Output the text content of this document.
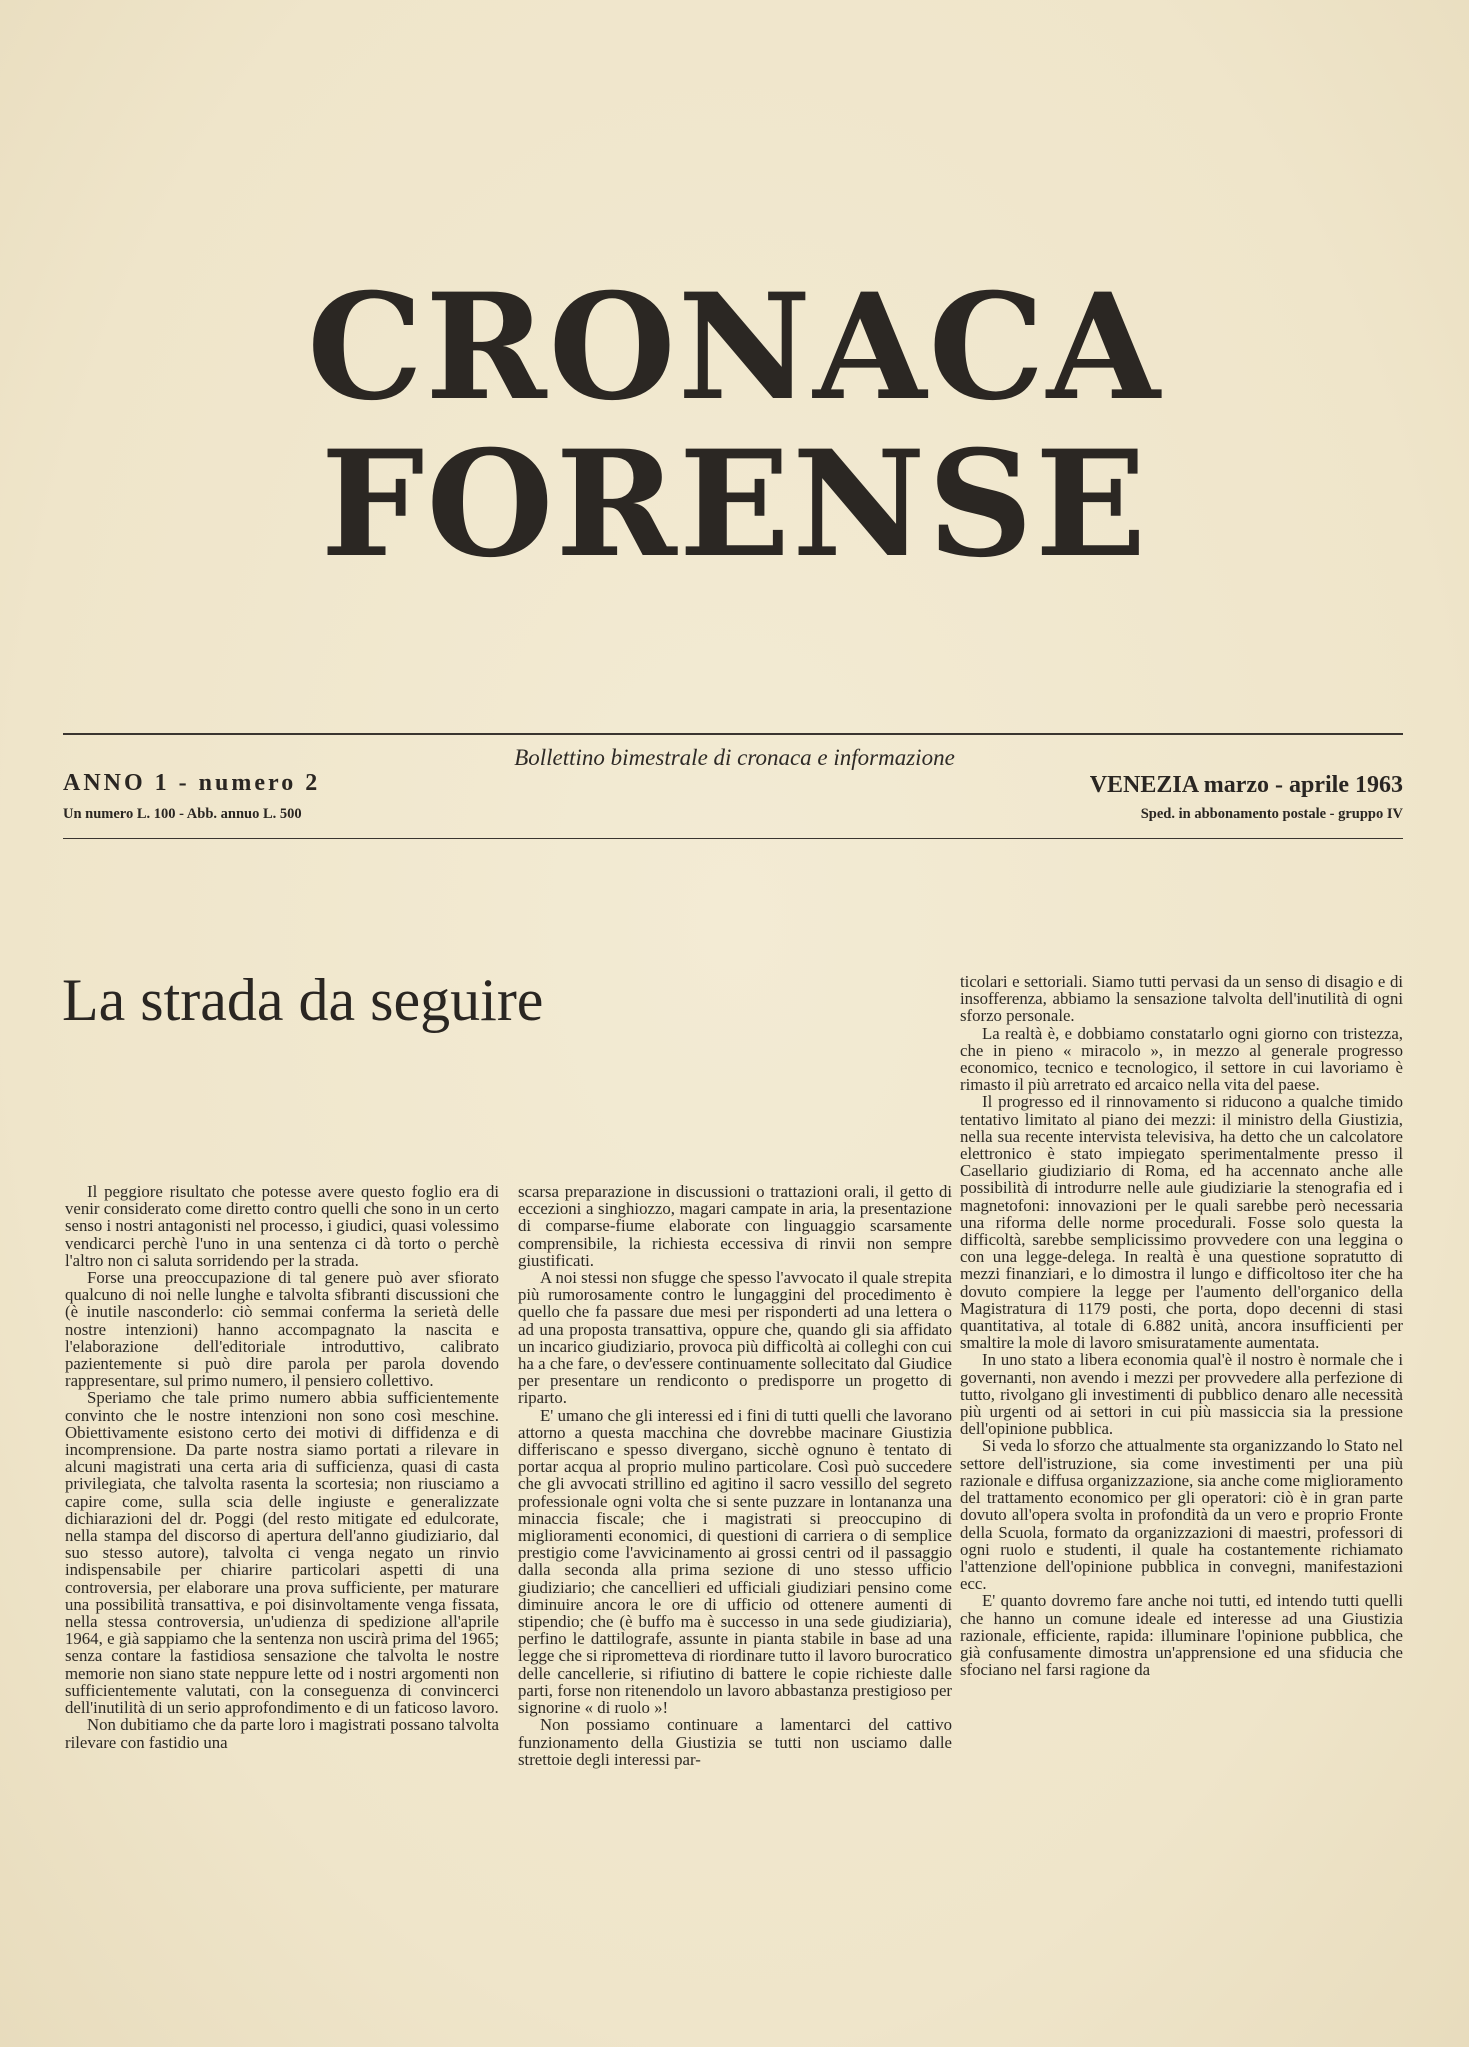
CRONACA
FORENSE
Bollettino bimestrale di cronaca e informazione
ANNO 1 - numero 2
Un numero L. 100 - Abb. annuo L. 500
VENEZIA marzo - aprile 1963
Sped. in abbonamento postale - gruppo IV
La strada da seguire

Il peggiore risultato che potesse avere questo foglio era di venir considerato come diretto contro quelli che sono in un certo senso i nostri antagonisti nel processo, i giudici, quasi volessimo vendicarci perchè l'uno in una sentenza ci dà torto o perchè l'altro non ci saluta sorridendo per la strada.

Forse una preoccupazione di tal genere può aver sfiorato qualcuno di noi nelle lunghe e talvolta sfibranti discussioni che (è inutile nasconderlo: ciò semmai conferma la serietà delle nostre intenzioni) hanno accompagnato la nascita e l'elaborazione dell'editoriale introduttivo, calibrato pazientemente si può dire parola per parola dovendo rappresentare, sul primo numero, il pensiero collettivo.

Speriamo che tale primo numero abbia sufficientemente convinto che le nostre intenzioni non sono così meschine. Obiettivamente esistono certo dei motivi di diffidenza e di incomprensione. Da parte nostra siamo portati a rilevare in alcuni magistrati una certa aria di sufficienza, quasi di casta privilegiata, che talvolta rasenta la scortesia; non riusciamo a capire come, sulla scia delle ingiuste e generalizzate dichiarazioni del dr. Poggi (del resto mitigate ed edulcorate, nella stampa del discorso di apertura dell'anno giudiziario, dal suo stesso autore), talvolta ci venga negato un rinvio indispensabile per chiarire particolari aspetti di una controversia, per elaborare una prova sufficiente, per maturare una possibilità transattiva, e poi disinvoltamente venga fissata, nella stessa controversia, un'udienza di spedizione all'aprile 1964, e già sappiamo che la sentenza non uscirà prima del 1965; senza contare la fastidiosa sensazione che talvolta le nostre memorie non siano state neppure lette od i nostri argomenti non sufficientemente valutati, con la conseguenza di convincerci dell'inutilità di un serio approfondimento e di un faticoso lavoro.

Non dubitiamo che da parte loro i magistrati possano talvolta rilevare con fastidio una

scarsa preparazione in discussioni o trattazioni orali, il getto di eccezioni a singhiozzo, magari campate in aria, la presentazione di comparse-fiume elaborate con linguaggio scarsamente comprensibile, la richiesta eccessiva di rinvii non sempre giustificati.

A noi stessi non sfugge che spesso l'avvocato il quale strepita più rumorosamente contro le lungaggini del procedimento è quello che fa passare due mesi per risponderti ad una lettera o ad una proposta transattiva, oppure che, quando gli sia affidato un incarico giudiziario, provoca più difficoltà ai colleghi con cui ha a che fare, o dev'essere continuamente sollecitato dal Giudice per presentare un rendiconto o predisporre un progetto di riparto.

E' umano che gli interessi ed i fini di tutti quelli che lavorano attorno a questa macchina che dovrebbe macinare Giustizia differiscano e spesso divergano, sicchè ognuno è tentato di portar acqua al proprio mulino particolare. Così può succedere che gli avvocati strillino ed agitino il sacro vessillo del segreto professionale ogni volta che si sente puzzare in lontananza una minaccia fiscale; che i magistrati si preoccupino di miglioramenti economici, di questioni di carriera o di semplice prestigio come l'avvicinamento ai grossi centri od il passaggio dalla seconda alla prima sezione di uno stesso ufficio giudiziario; che cancellieri ed ufficiali giudiziari pensino come diminuire ancora le ore di ufficio od ottenere aumenti di stipendio; che (è buffo ma è successo in una sede giudiziaria), perfino le dattilografe, assunte in pianta stabile in base ad una legge che si riprometteva di riordinare tutto il lavoro burocratico delle cancellerie, si rifiutino di battere le copie richieste dalle parti, forse non ritenendolo un lavoro abbastanza prestigioso per signorine « di ruolo »!

Non possiamo continuare a lamentarci del cattivo funzionamento della Giustizia se tutti non usciamo dalle strettoie degli interessi par-

ticolari e settoriali. Siamo tutti pervasi da un senso di disagio e di insofferenza, abbiamo la sensazione talvolta dell'inutilità di ogni sforzo personale.

La realtà è, e dobbiamo constatarlo ogni giorno con tristezza, che in pieno « miracolo », in mezzo al generale progresso economico, tecnico e tecnologico, il settore in cui lavoriamo è rimasto il più arretrato ed arcaico nella vita del paese.

Il progresso ed il rinnovamento si riducono a qualche timido tentativo limitato al piano dei mezzi: il ministro della Giustizia, nella sua recente intervista televisiva, ha detto che un calcolatore elettronico è stato impiegato sperimentalmente presso il Casellario giudiziario di Roma, ed ha accennato anche alle possibilità di introdurre nelle aule giudiziarie la stenografia ed i magnetofoni: innovazioni per le quali sarebbe però necessaria una riforma delle norme procedurali. Fosse solo questa la difficoltà, sarebbe semplicissimo provvedere con una leggina o con una legge-delega. In realtà è una questione sopratutto di mezzi finanziari, e lo dimostra il lungo e difficoltoso iter che ha dovuto compiere la legge per l'aumento dell'organico della Magistratura di 1179 posti, che porta, dopo decenni di stasi quantitativa, al totale di 6.882 unità, ancora insufficienti per smaltire la mole di lavoro smisuratamente aumentata.

In uno stato a libera economia qual'è il nostro è normale che i governanti, non avendo i mezzi per provvedere alla perfezione di tutto, rivolgano gli investimenti di pubblico denaro alle necessità più urgenti od ai settori in cui più massiccia sia la pressione dell'opinione pubblica.

Si veda lo sforzo che attualmente sta organizzando lo Stato nel settore dell'istruzione, sia come investimenti per una più razionale e diffusa organizzazione, sia anche come miglioramento del trattamento economico per gli operatori: ciò è in gran parte dovuto all'opera svolta in profondità da un vero e proprio Fronte della Scuola, formato da organizzazioni di maestri, professori di ogni ruolo e studenti, il quale ha costantemente richiamato l'attenzione dell'opinione pubblica in convegni, manifestazioni ecc.

E' quanto dovremo fare anche noi tutti, ed intendo tutti quelli che hanno un comune ideale ed interesse ad una Giustizia razionale, efficiente, rapida: illuminare l'opinione pubblica, che già confusamente dimostra un'apprensione ed una sfiducia che sfociano nel farsi ragione da
